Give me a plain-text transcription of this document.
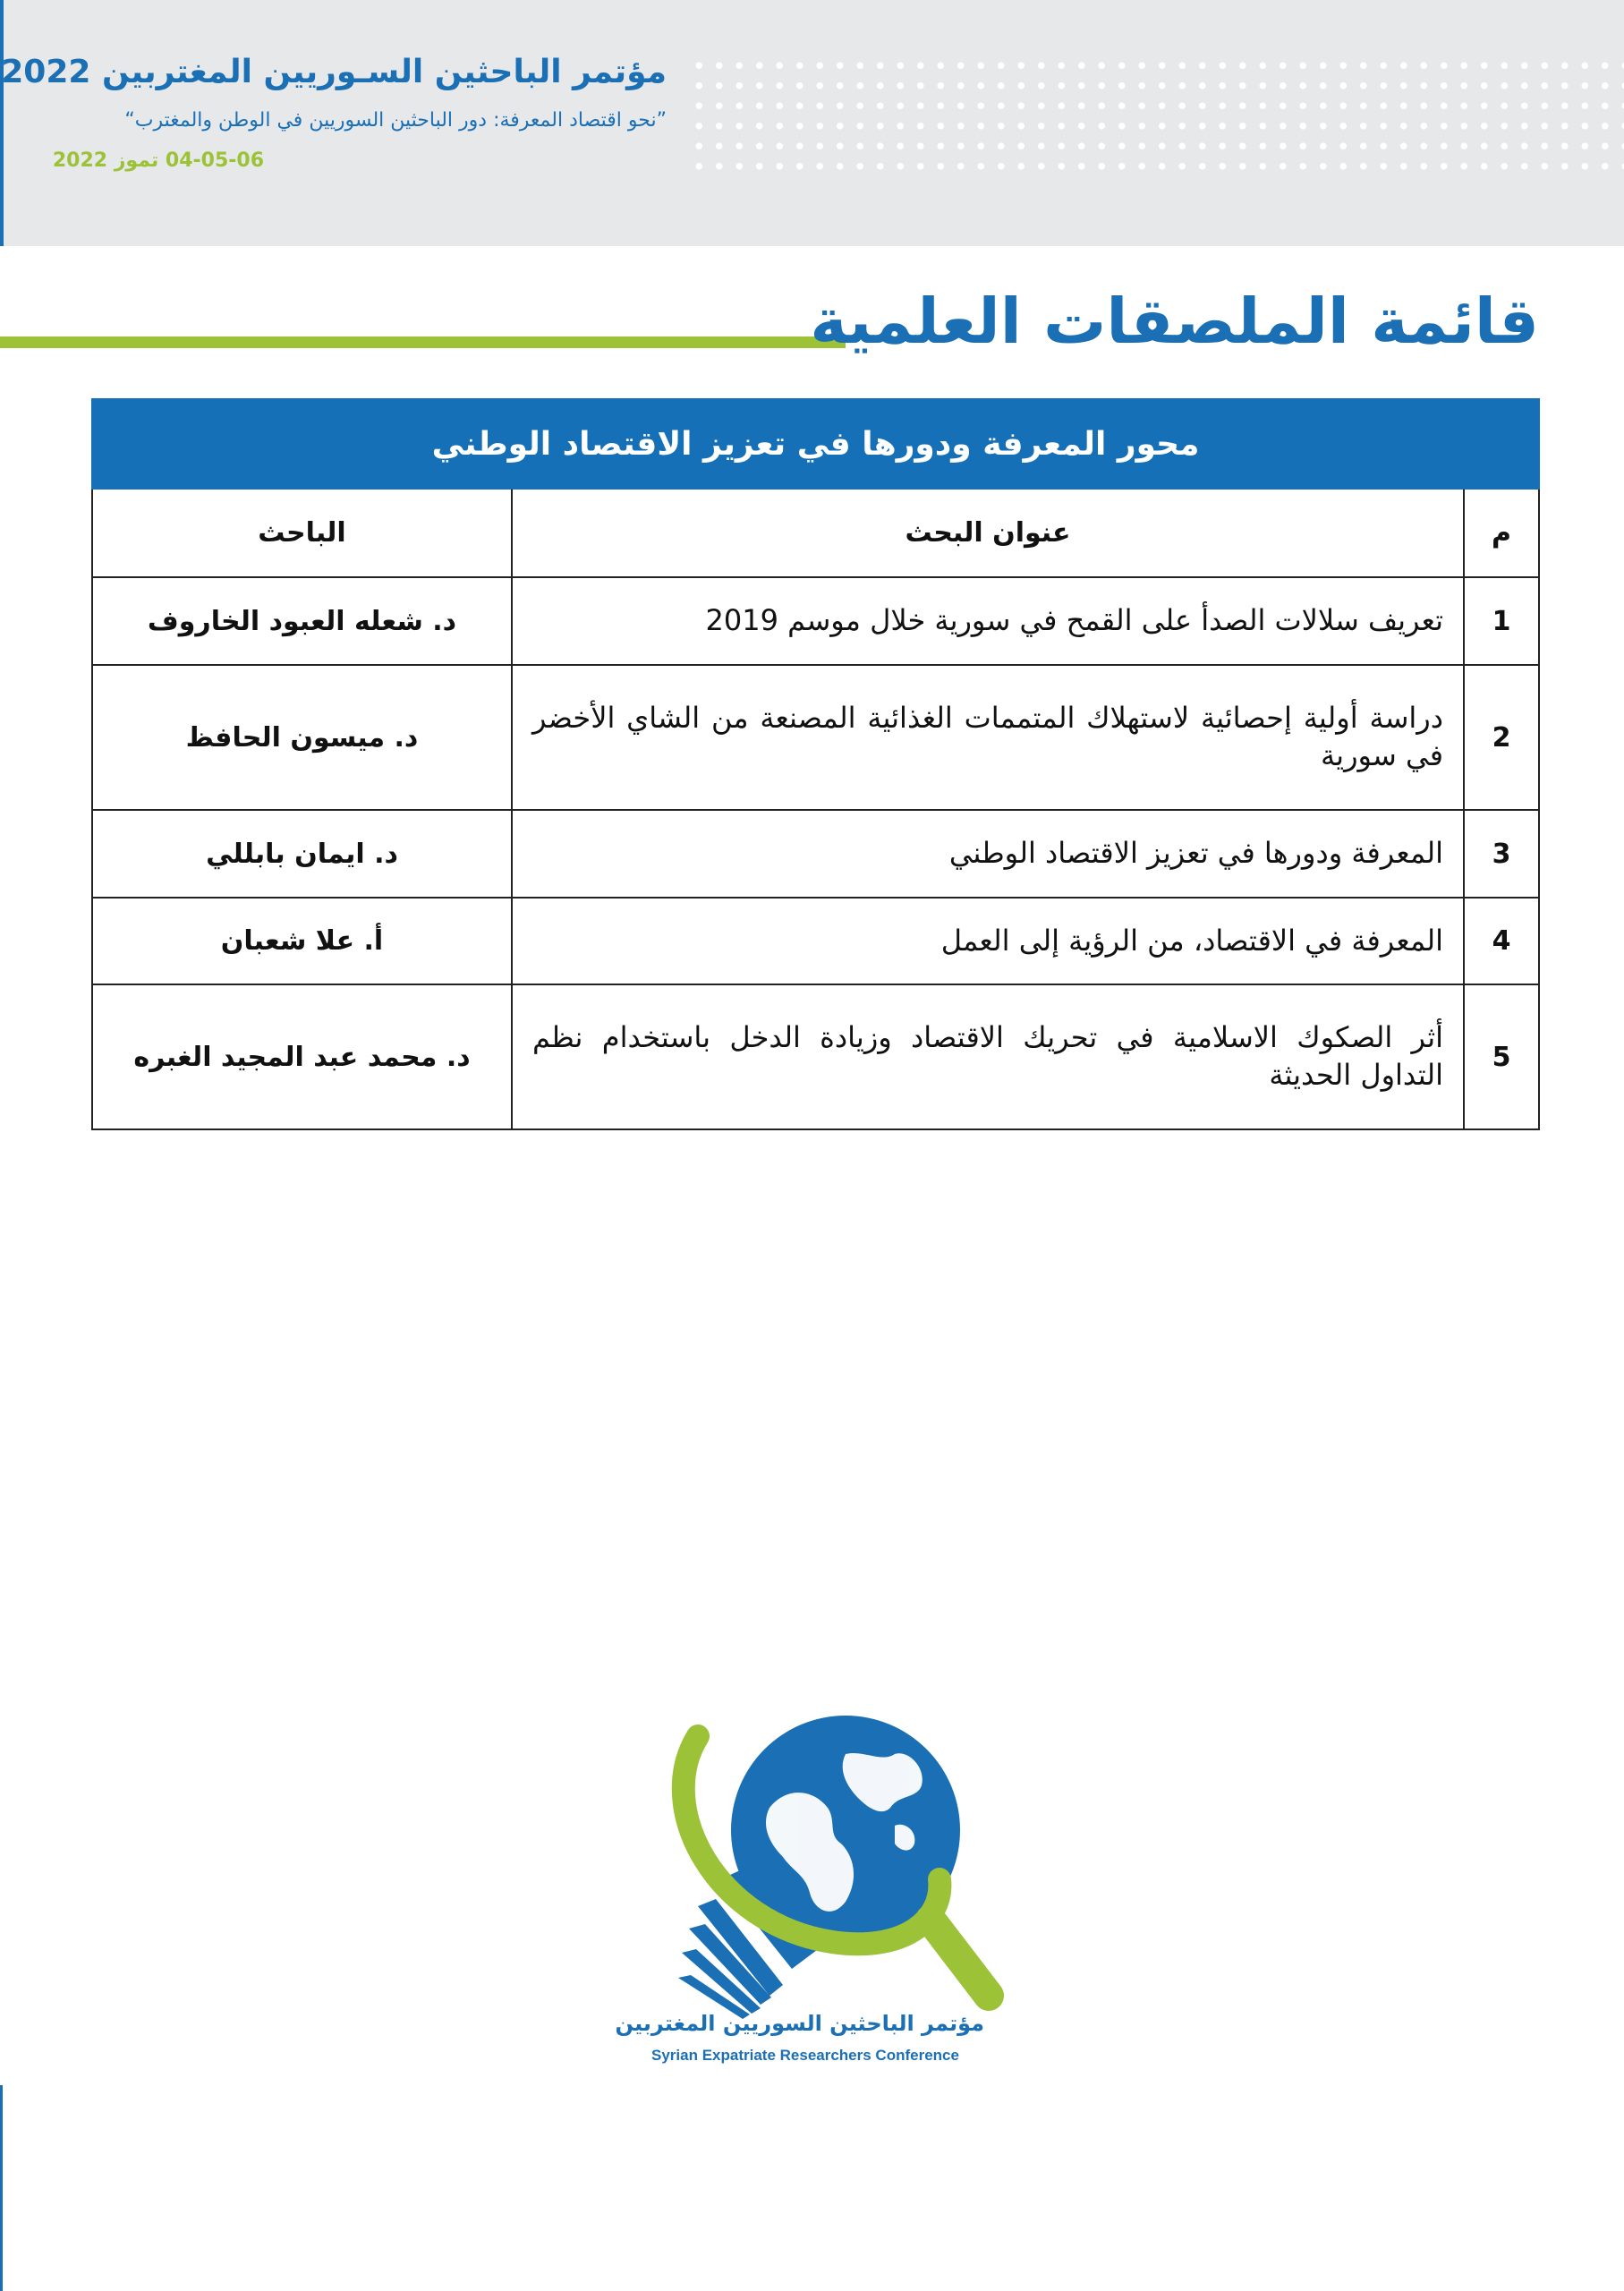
مؤتمر الباحثين السـوريين المغتربين 2022
”نحو اقتصاد المعرفة: دور الباحثين السوريين في الوطن والمغترب“
04-05-06 تموز 2022
قائمة الملصقات العلمية
محور المعرفة ودورها في تعزيز الاقتصاد الوطني		
م	عنوان البحث	الباحث
1	تعريف سلالات الصدأ على القمح في سورية خلال موسم 2019	د. شعله العبود الخاروف
2	دراسة أولية إحصائية لاستهلاك المتممات الغذائية المصنعة من الشاي الأخضر في سورية	د. ميسون الحافظ
3	المعرفة ودورها في تعزيز الاقتصاد الوطني	د. ايمان بابللي
4	المعرفة في الاقتصاد، من الرؤية إلى العمل	أ. علا شعبان
5	أثر الصكوك الاسلامية في تحريك الاقتصاد وزيادة الدخل باستخدام نظم التداول الحديثة	د. محمد عبد المجيد الغبره
مؤتمر الباحثين السوريين المغتربين
Syrian Expatriate Researchers Conference
